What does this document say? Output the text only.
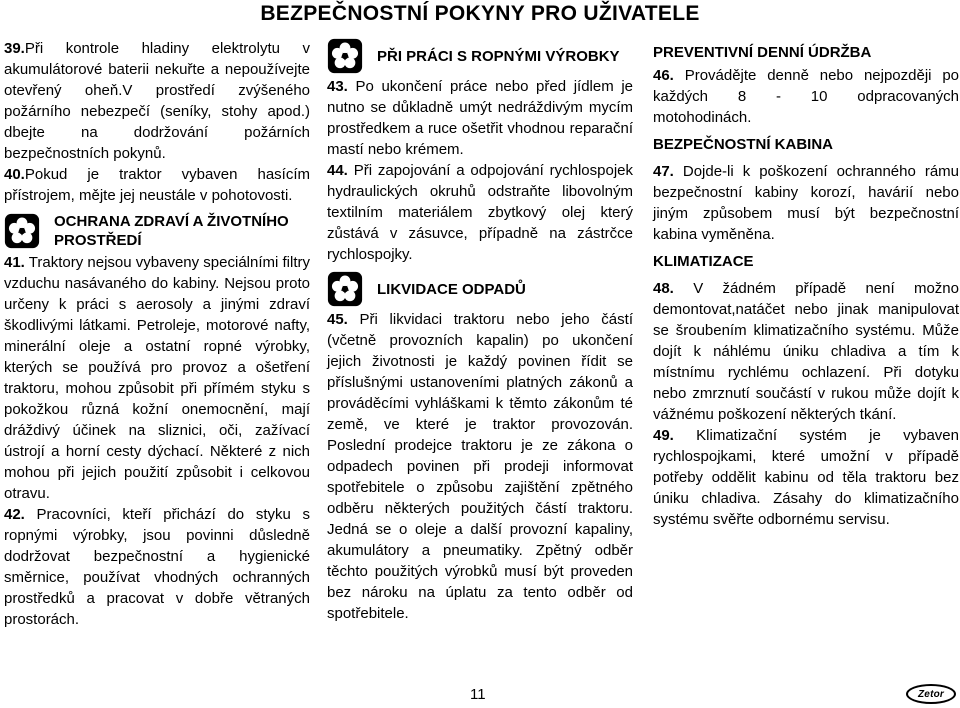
BEZPEČNOSTNÍ POKYNY PRO UŽIVATELE

39.Při kontrole hladiny elektrolytu v akumulátorové baterii nekuřte a nepoužívejte otevřený oheň.V prostředí zvýšeného požárního nebezpečí (seníky, stohy apod.) dbejte na dodržování požárních bezpečnostních pokynů.

40.Pokud je traktor vybaven hasícím přístrojem, mějte jej neustále v pohotovosti.

OCHRANA ZDRAVÍ A ŽIVOTNÍHO PROSTŘEDÍ

41. Traktory nejsou vybaveny speciálními filtry vzduchu nasávaného do kabiny. Nejsou proto určeny k práci s aerosoly a jinými zdraví škodlivými látkami. Petroleje, motorové nafty, minerální oleje a ostatní ropné výrobky, kterých se používá pro provoz a ošetření traktoru, mohou způsobit při přímém styku s pokožkou různá kožní onemocnění, mají dráždivý účinek na sliznici, oči, zažívací ústrojí a horní cesty dýchací. Některé z nich mohou při jejich použití způsobit i celkovou otravu.

42. Pracovníci, kteří přichází do styku s ropnými výrobky, jsou povinni důsledně dodržovat bezpečnostní a hygienické směrnice, používat vhodných ochranných prostředků a pracovat v dobře větraných prostorách.

PŘI PRÁCI S ROPNÝMI VÝROBKY

43. Po ukončení práce nebo před jídlem je nutno se důkladně umýt nedráždivým mycím prostředkem a ruce ošetřit vhodnou reparační mastí nebo krémem.

44. Při zapojování a odpojování rychlospojek hydraulických okruhů odstraňte libovolným textilním materiálem zbytkový olej který zůstává v zásuvce, případně na zástrčce rychlospojky.

LIKVIDACE ODPADŮ

45. Při likvidaci traktoru nebo jeho částí (včetně provozních kapalin) po ukončení jejich životnosti je každý povinen řídit se příslušnými ustanoveními platných zákonů a prováděcími vyhláškami k těmto zákonům té země, ve které je traktor provozován. Poslední prodejce traktoru je ze zákona o odpadech povinen při prodeji informovat spotřebitele o způsobu zajištění zpětného odběru některých použitých částí traktoru. Jedná se o oleje a další provozní kapaliny, akumulátory a pneumatiky. Zpětný odběr těchto použitých výrobků musí být proveden bez nároku na úplatu za tento odběr od spotřebitele.

PREVENTIVNÍ DENNÍ ÚDRŽBA

46. Provádějte denně nebo nejpozději po každých 8 - 10 odpracovaných motohodinách.

BEZPEČNOSTNÍ KABINA

47. Dojde-li k poškození ochranného rámu bezpečnostní kabiny korozí, havárií nebo jiným způsobem musí být bezpečnostní kabina vyměněna.

KLIMATIZACE

48. V žádném případě není možno demontovat,natáčet nebo jinak manipulovat se šroubením klimatizačního systému. Může dojít k náhlému úniku chladiva a tím k místnímu rychlému ochlazení. Při dotyku nebo zmrznutí součástí v rukou může dojít k vážnému poškození některých tkání.

49. Klimatizační systém je vybaven rychlospojkami, které umožní v případě potřeby oddělit kabinu od těla traktoru bez úniku chladiva. Zásahy do klimatizačního systému svěřte odbornému servisu.

11	Zetor
